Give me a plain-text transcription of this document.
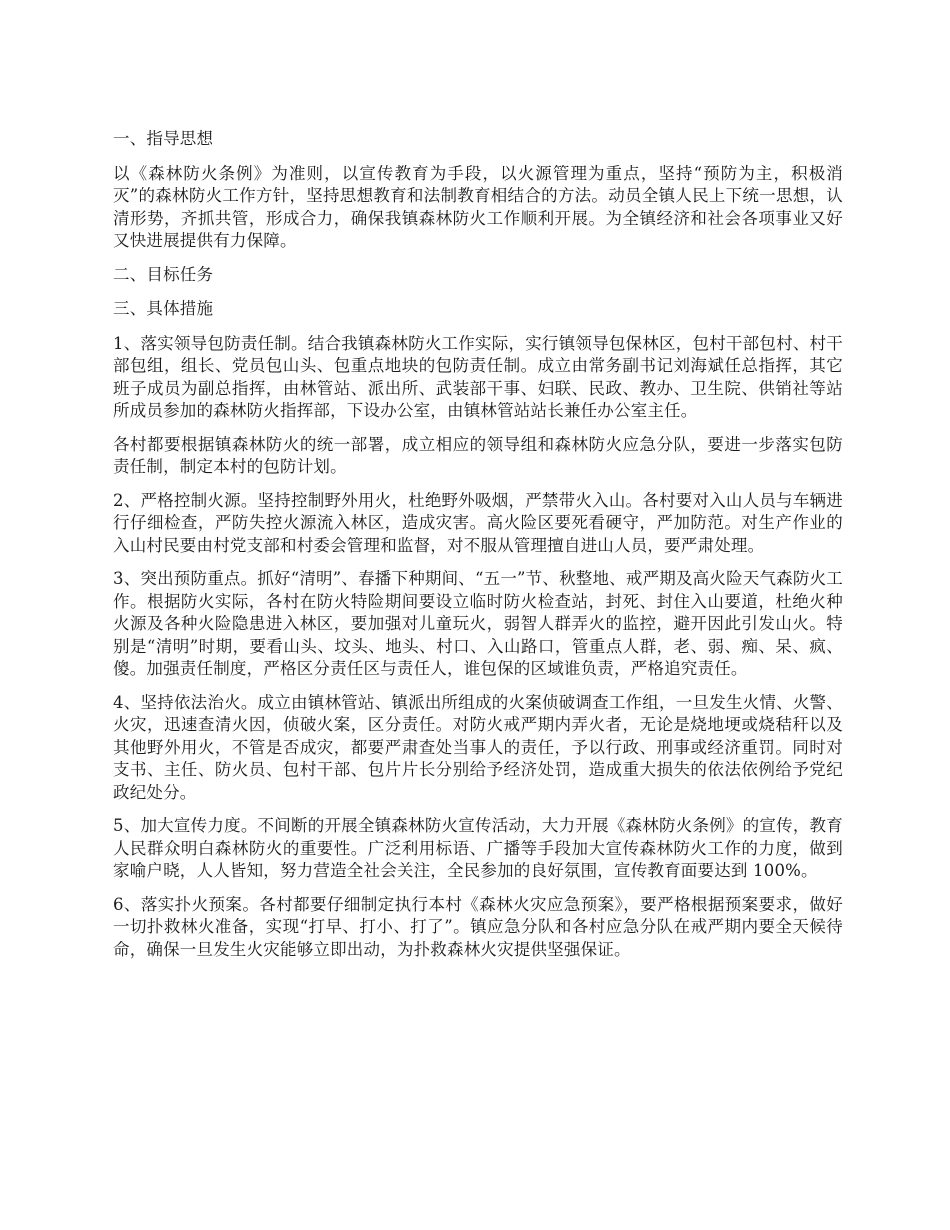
一、指导思想

以《森林防火条例》为准则，以宣传教育为手段，以火源管理为重点，坚持“预防为主，积极消灭”的森林防火工作方针，坚持思想教育和法制教育相结合的方法。动员全镇人民上下统一思想，认清形势，齐抓共管，形成合力，确保我镇森林防火工作顺利开展。为全镇经济和社会各项事业又好又快进展提供有力保障。

二、目标任务

三、具体措施

1、落实领导包防责任制。结合我镇森林防火工作实际，实行镇领导包保林区，包村干部包村、村干部包组，组长、党员包山头、包重点地块的包防责任制。成立由常务副书记刘海斌任总指挥，其它班子成员为副总指挥，由林管站、派出所、武装部干事、妇联、民政、教办、卫生院、供销社等站所成员参加的森林防火指挥部，下设办公室，由镇林管站站长兼任办公室主任。

各村都要根据镇森林防火的统一部署，成立相应的领导组和森林防火应急分队，要进一步落实包防责任制，制定本村的包防计划。

2、严格控制火源。坚持控制野外用火，杜绝野外吸烟，严禁带火入山。各村要对入山人员与车辆进行仔细检查，严防失控火源流入林区，造成灾害。高火险区要死看硬守，严加防范。对生产作业的入山村民要由村党支部和村委会管理和监督，对不服从管理擅自进山人员，要严肃处理。

3、突出预防重点。抓好“清明”、春播下种期间、“五一”节、秋整地、戒严期及高火险天气森防火工作。根据防火实际，各村在防火特险期间要设立临时防火检查站，封死、封住入山要道，杜绝火种火源及各种火险隐患进入林区，要加强对儿童玩火，弱智人群弄火的监控，避开因此引发山火。特别是“清明”时期，要看山头、坟头、地头、村口、入山路口，管重点人群，老、弱、痴、呆、疯、傻。加强责任制度，严格区分责任区与责任人，谁包保的区域谁负责，严格追究责任。

4、坚持依法治火。成立由镇林管站、镇派出所组成的火案侦破调查工作组，一旦发生火情、火警、火灾，迅速查清火因，侦破火案，区分责任。对防火戒严期内弄火者，无论是烧地埂或烧秸秆以及其他野外用火，不管是否成灾，都要严肃查处当事人的责任，予以行政、刑事或经济重罚。同时对支书、主任、防火员、包村干部、包片片长分别给予经济处罚，造成重大损失的依法依例给予党纪政纪处分。

5、加大宣传力度。不间断的开展全镇森林防火宣传活动，大力开展《森林防火条例》的宣传，教育人民群众明白森林防火的重要性。广泛利用标语、广播等手段加大宣传森林防火工作的力度，做到家喻户晓，人人皆知，努力营造全社会关注，全民参加的良好氛围，宣传教育面要达到 100%。

6、落实扑火预案。各村都要仔细制定执行本村《森林火灾应急预案》，要严格根据预案要求，做好一切扑救林火准备，实现“打早、打小、打了”。镇应急分队和各村应急分队在戒严期内要全天候待命，确保一旦发生火灾能够立即出动，为扑救森林火灾提供坚强保证。
